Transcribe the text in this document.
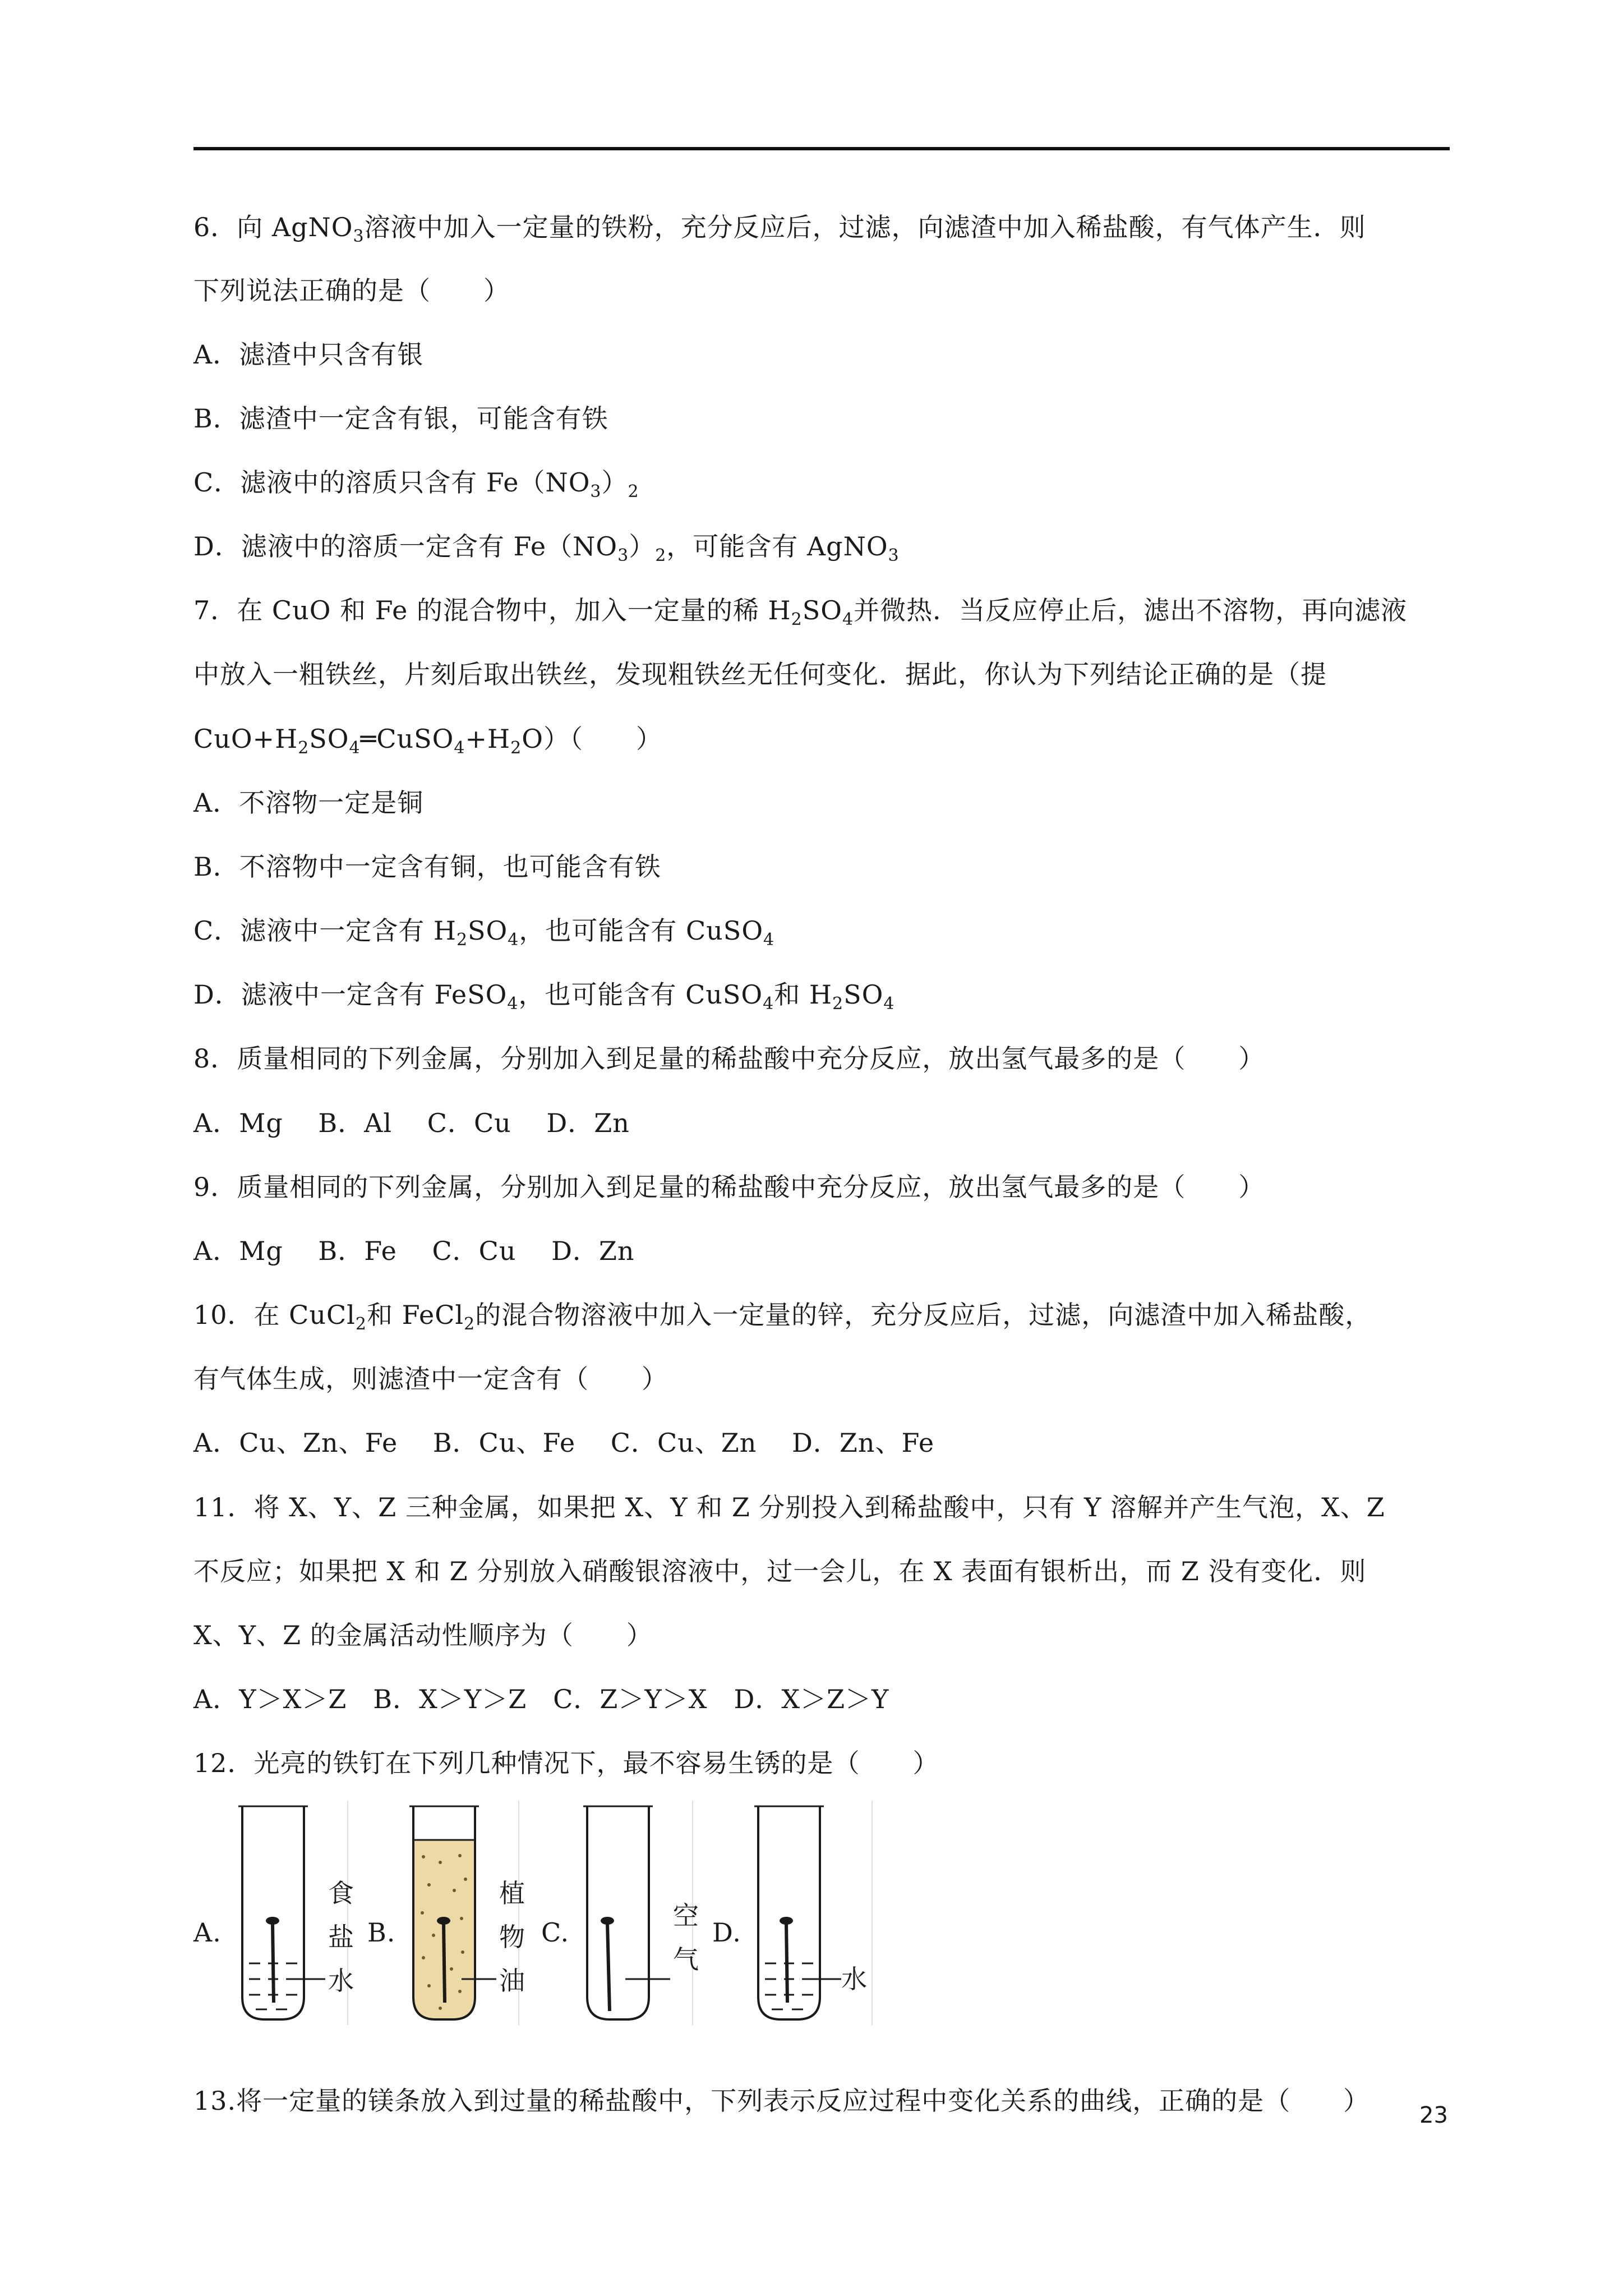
6．向 AgNO$_3$溶液中加入一定量的铁粉，充分反应后，过滤，向滤渣中加入稀盐酸，有气体产生．则
下列说法正确的是（　　）
A．滤渣中只含有银
B．滤渣中一定含有银，可能含有铁
C．滤液中的溶质只含有 $Fe(NO_3)_2$
D．滤液中的溶质一定含有 $Fe(NO_3)_2$，可能含有 AgNO$_3$
7．在 CuO 和 Fe 的混合物中，加入一定量的稀 $H_2SO_4$并微热．当反应停止后，滤出不溶物，再向滤液
中放入一粗铁丝，片刻后取出铁丝，发现粗铁丝无任何变化．据此，你认为下列结论正确的是（提
$CuO+H_2SO_4═CuSO_4+H_2O$）（　　）
A．不溶物一定是铜
B．不溶物中一定含有铜，也可能含有铁
C．滤液中一定含有 $H_2SO_4$，也可能含有 CuSO$_4$
D．滤液中一定含有 FeSO$_4$，也可能含有 CuSO$_4$和 $H_2SO_4$
8．质量相同的下列金属，分别加入到足量的稀盐酸中充分反应，放出氢气最多的是（　　）
A．Mg　 B．Al　 C．Cu　 D．Zn
9．质量相同的下列金属，分别加入到足量的稀盐酸中充分反应，放出氢气最多的是（　　）
A．Mg　 B．Fe　 C．Cu　 D．Zn
10．在 CuCl$_2$和 FeCl$_2$的混合物溶液中加入一定量的锌，充分反应后，过滤，向滤渣中加入稀盐酸，
有气体生成，则滤渣中一定含有（　　）
A．Cu、Zn、Fe　 B．Cu、Fe　 C．Cu、Zn　 D．Zn、Fe
11．将 X、Y、Z 三种金属，如果把 X、Y 和 Z 分别投入到稀盐酸中，只有 Y 溶解并产生气泡，X、Z
不反应；如果把 X 和 Z 分别放入硝酸银溶液中，过一会儿，在 X 表面有银析出，而 Z 没有变化．则
X、Y、Z 的金属活动性顺序为（　　）
A．Y＞X＞Z　B．X＞Y＞Z　C．Z＞Y＞X　D．X＞Z＞Y
12．光亮的铁钉在下列几种情况下，最不容易生锈的是（　　）
A.
食
盐
水
B.
植
物
油
C.
空
气
D.
水
13.将一定量的镁条放入到过量的稀盐酸中，下列表示反应过程中变化关系的曲线，正确的是（　　） 23
